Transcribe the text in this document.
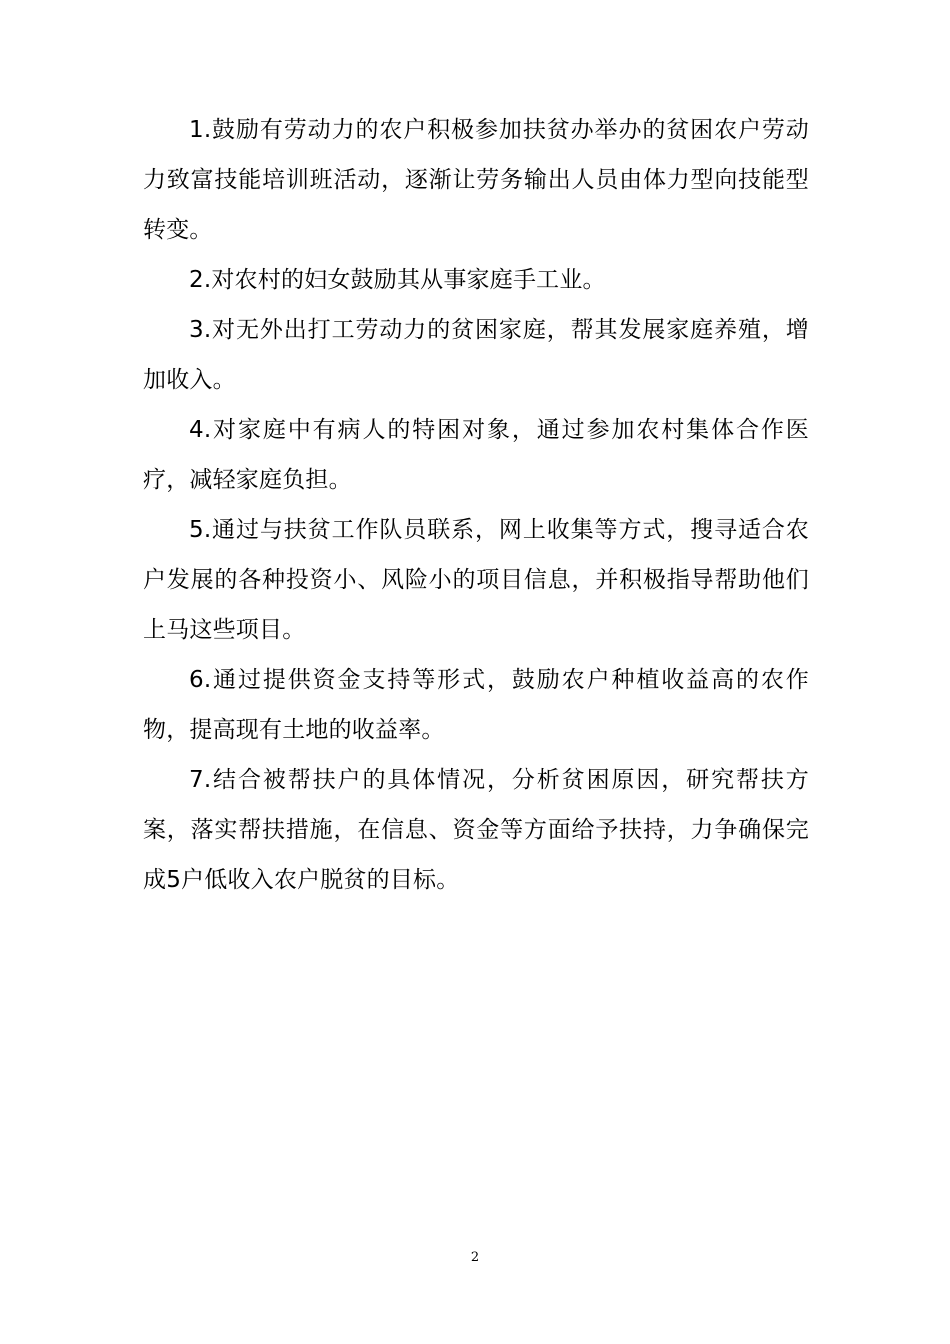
1.鼓励有劳动力的农户积极参加扶贫办举办的贫困农户劳动力致富技能培训班活动，逐渐让劳务输出人员由体力型向技能型转变。

2.对农村的妇女鼓励其从事家庭手工业。

3.对无外出打工劳动力的贫困家庭，帮其发展家庭养殖，增加收入。

4.对家庭中有病人的特困对象，通过参加农村集体合作医疗，减轻家庭负担。

5.通过与扶贫工作队员联系，网上收集等方式，搜寻适合农户发展的各种投资小、风险小的项目信息，并积极指导帮助他们上马这些项目。

6.通过提供资金支持等形式，鼓励农户种植收益高的农作物，提高现有土地的收益率。

7.结合被帮扶户的具体情况，分析贫困原因，研究帮扶方案，落实帮扶措施，在信息、资金等方面给予扶持，力争确保完成5户低收入农户脱贫的目标。

2
